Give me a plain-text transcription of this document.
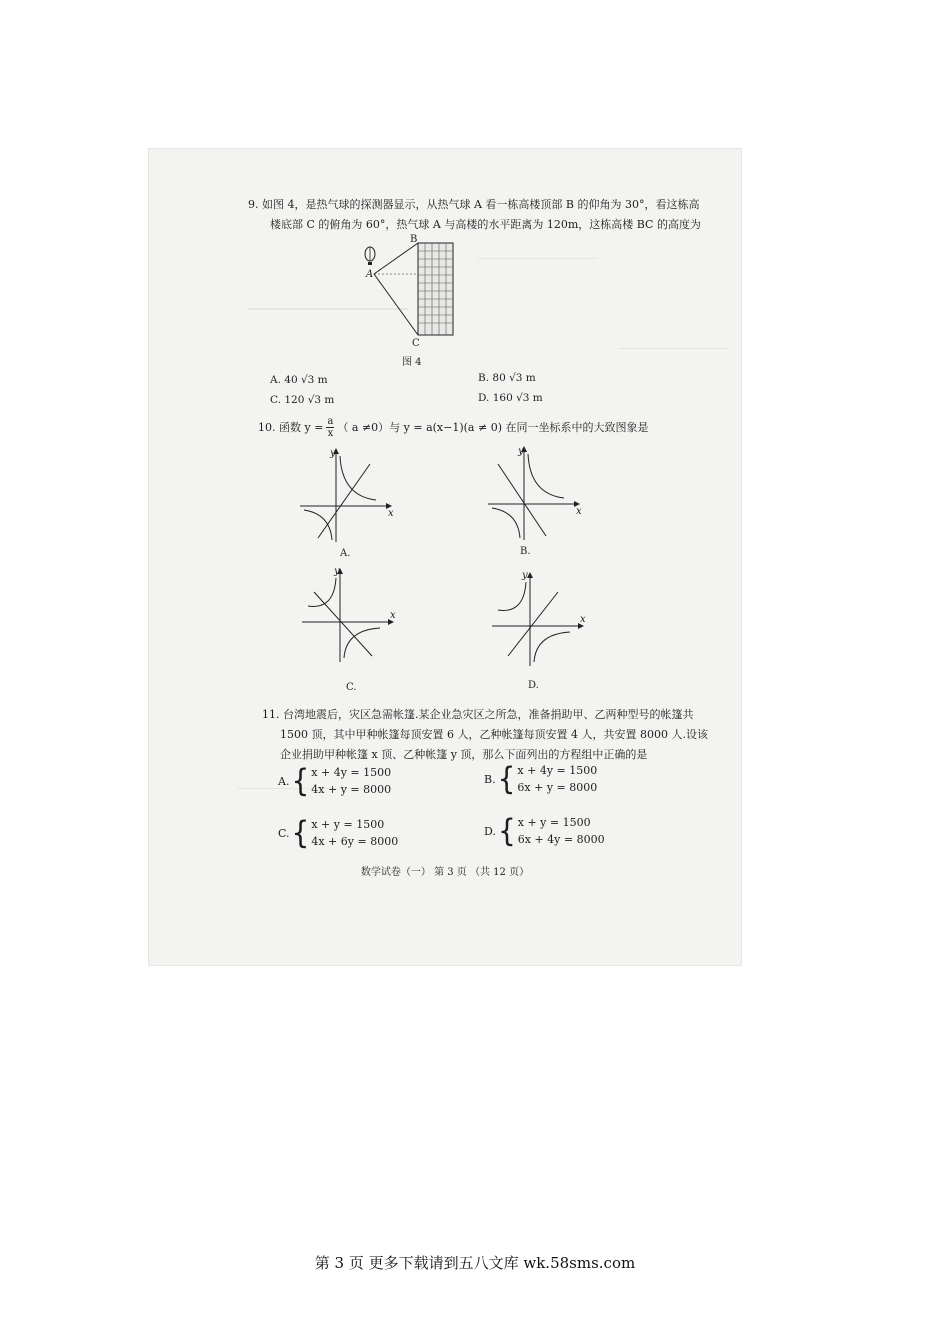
9. 如图 4，是热气球的探测器显示，从热气球 A 看一栋高楼顶部 B 的仰角为 30°，看这栋高
楼底部 C 的俯角为 60°，热气球 A 与高楼的水平距离为 120m，这栋高楼 BC 的高度为
B
A
C
图 4
A. 40 √3 m	B. 80 √3 m
C. 120 √3 m	D. 160 √3 m
10. 函数 $y = \frac{a}{x}$ （ a ≠0）与 y = a(x−1)(a ≠ 0) 在同一坐标系中的大致图象是
y
x
A.
y
x
B.
y
x
C.
y
x
D.
11. 台湾地震后，灾区急需帐篷.某企业急灾区之所急，准备捐助甲、乙两种型号的帐篷共
1500 顶，其中甲种帐篷每顶安置 6 人，乙种帐篷每顶安置 4 人，共安置 8000 人.设该
企业捐助甲种帐篷 x 顶、乙种帐篷 y 顶，那么下面列出的方程组中正确的是
A. { x + 4y = 1500
4x + y = 8000
B. { x + 4y = 1500
6x + y = 8000
C. { x + y = 1500
4x + 6y = 8000
D. { x + y = 1500
6x + 4y = 8000
数学试卷（一） 第 3 页 （共 12 页）
第 3 页 更多下载请到五八文库 wk.58sms.com
